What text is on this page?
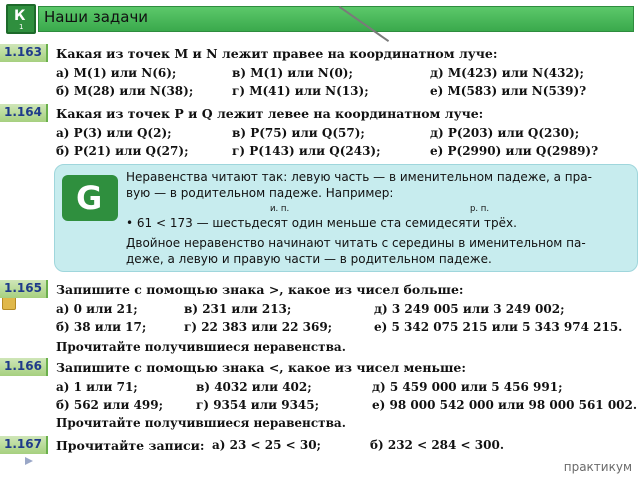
К
1
Наши задачи
1.163	Какая из точек M и N лежит правее на координатном луче:
а) M(1) или N(6);	в) M(1) или N(0);	д) M(423) или N(432);
б) M(28) или N(38);	г) M(41) или N(13);	е) M(583) или N(539)?
1.164	Какая из точек P и Q лежит левее на координатном луче:
а) P(3) или Q(2);	в) P(75) или Q(57);	д) P(203) или Q(230);
б) P(21) или Q(27);	г) P(143) или Q(243);	е) P(2990) или Q(2989)?
G
Неравенства читают так: левую часть — в именительном падеже, а пра-
вую — в родительном падеже. Например:
и. п.	р. п.
• 61 < 173 — шестьдесят один меньше ста семидесяти трёх.
Двойное неравенство начинают читать с середины в именительном па-
деже, а левую и правую части — в родительном падеже.
1.165	Запишите с помощью знака >, какое из чисел больше:
а) 0 или 21;	в) 231 или 213;	д) 3 249 005 или 3 249 002;
б) 38 или 17;	г) 22 383 или 22 369;	е) 5 342 075 215 или 5 343 974 215.
Прочитайте получившиеся неравенства.
1.166	Запишите с помощью знака <, какое из чисел меньше:
а) 1 или 71;	в) 4032 или 402;	д) 5 459 000 или 5 456 991;
б) 562 или 499;	г) 9354 или 9345;	е) 98 000 542 000 или 98 000 561 002.
Прочитайте получившиеся неравенства.
1.167	Прочитайте записи: а) 23 < 25 < 30;	б) 232 < 284 < 300.
практикум
